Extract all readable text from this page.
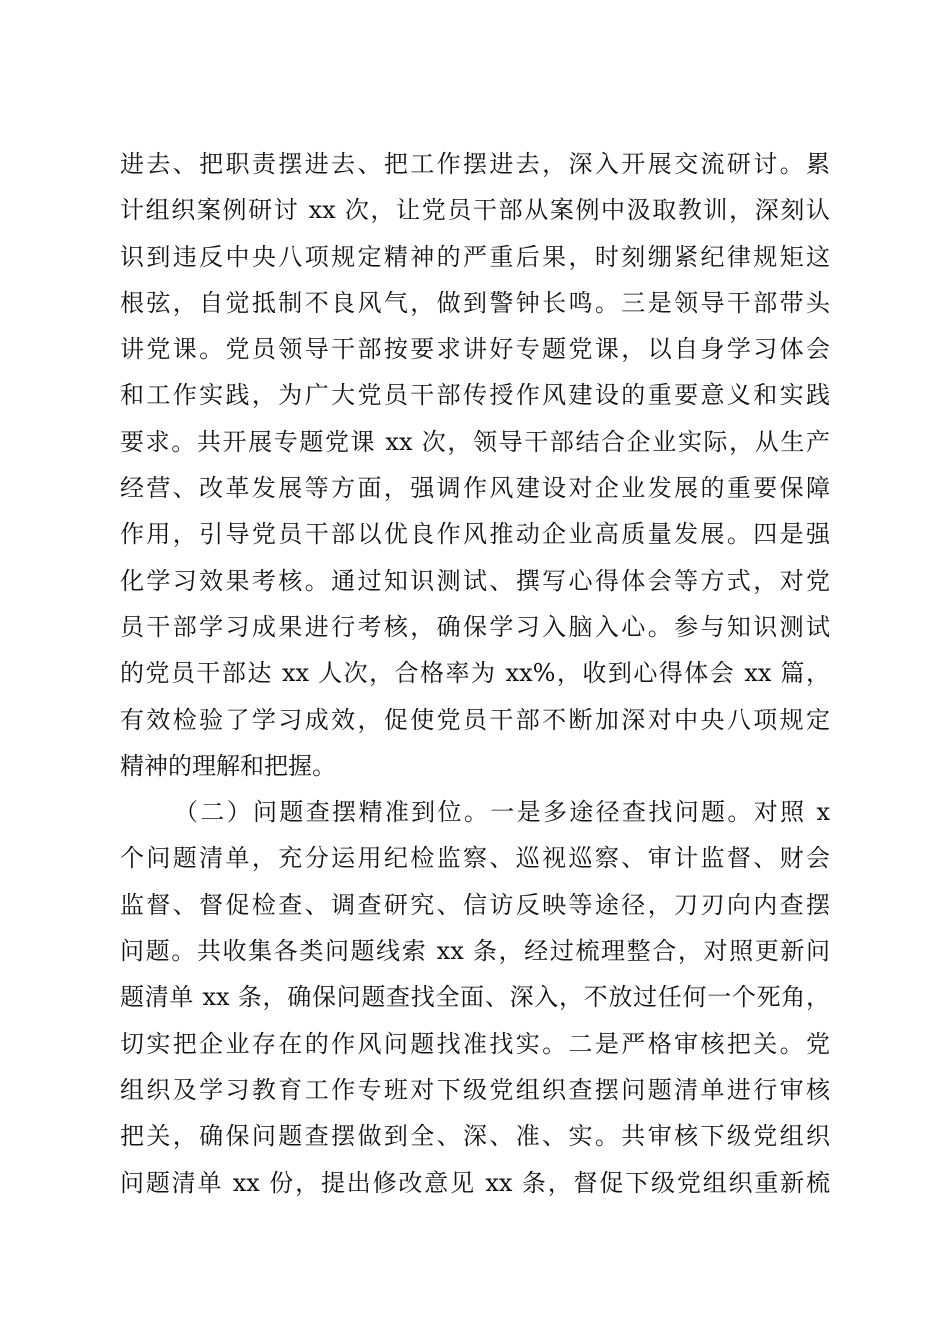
进去、把职责摆进去、把工作摆进去，深入开展交流研讨。累
计组织案例研讨 xx 次，让党员干部从案例中汲取教训，深刻认
识到违反中央八项规定精神的严重后果，时刻绷紧纪律规矩这
根弦，自觉抵制不良风气，做到警钟长鸣。三是领导干部带头
讲党课。党员领导干部按要求讲好专题党课，以自身学习体会
和工作实践，为广大党员干部传授作风建设的重要意义和实践
要求。共开展专题党课 xx 次，领导干部结合企业实际，从生产
经营、改革发展等方面，强调作风建设对企业发展的重要保障
作用，引导党员干部以优良作风推动企业高质量发展。四是强
化学习效果考核。通过知识测试、撰写心得体会等方式，对党
员干部学习成果进行考核，确保学习入脑入心。参与知识测试
的党员干部达 xx 人次，合格率为 xx%，收到心得体会 xx 篇，
有效检验了学习成效，促使党员干部不断加深对中央八项规定
精神的理解和把握。
（二）问题查摆精准到位。一是多途径查找问题。对照 x
个问题清单，充分运用纪检监察、巡视巡察、审计监督、财会
监督、督促检查、调查研究、信访反映等途径，刀刃向内查摆
问题。共收集各类问题线索 xx 条，经过梳理整合，对照更新问
题清单 xx 条，确保问题查找全面、深入，不放过任何一个死角，
切实把企业存在的作风问题找准找实。二是严格审核把关。党
组织及学习教育工作专班对下级党组织查摆问题清单进行审核
把关，确保问题查摆做到全、深、准、实。共审核下级党组织
问题清单 xx 份，提出修改意见 xx 条，督促下级党组织重新梳
